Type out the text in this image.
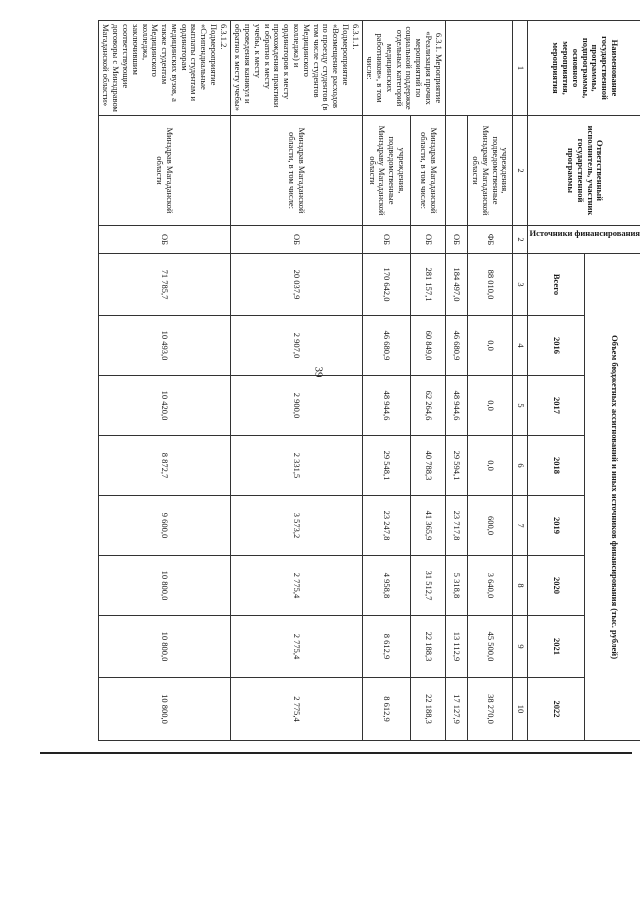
39
Наименование государственной программы, подпрограммы, основного мероприятия, мероприятия	Ответственный исполнитель, участник государственной программы	Источники финансирования	Объем бюджетных ассигнований и иных источников финансирования (тыс. рублей)							
			Всего	2016	2017	2018	2019	2020	2021	2022
1	2	2	3	4	5	6	7	8	9	10
	учреждения, подведомственные Минздраву Магаданской области	ФБ	88 010,0	0,0	0,0	0,0	600,0	3 640,0	45 500,0	38 270,0
		ОБ	184 497,0	46 680,9	48 944,6	29 594,1	23 717,8	5 318,8	13 112,9	17 127,9
6.3.1. Мероприятие «Реализация прочих мероприятий по социальной поддержке отдельных категорий медицинских работников», в том числе:	Минздрав Магаданской области, в том числе:	ОБ	281 157,1	60 849,0	62 264,6	40 788,3	41 365,9	31 512,7	22 188,3	22 188,3
	учреждения, подведомственные Минздраву Магаданской области	ОБ	170 642,0	46 680,9	48 944,6	29 548,1	23 247,8	4 958,8	8 612,9	8 612,9
6.3.1.1. Подмероприятие «Возмещение расходов по проезду студентов (в том числе студентов Медицинского колледжа) и ординаторов к месту прохождения практики и обратно к месту учебы, к месту проведения каникул и обратно к месту учебы»	Минздрав Магаданской области, в том числе:	ОБ	20 037,9	2 907,0	2 900,0	2 331,5	3 573,2	2 775,4	2 775,4	2 775,4
6.3.1.2. Подмероприятие «Стипендиальные выплаты студентам и ординаторам медицинских вузов, а также студентам Медицинского колледжа, заключившим соответствующие договоры с Минздравом Магаданской области»	Минздрав Магаданской области	ОБ	71 785,7	10 493,0	10 420,0	8 872,7	9 600,0	10 800,0	10 800,0	10 800,0
